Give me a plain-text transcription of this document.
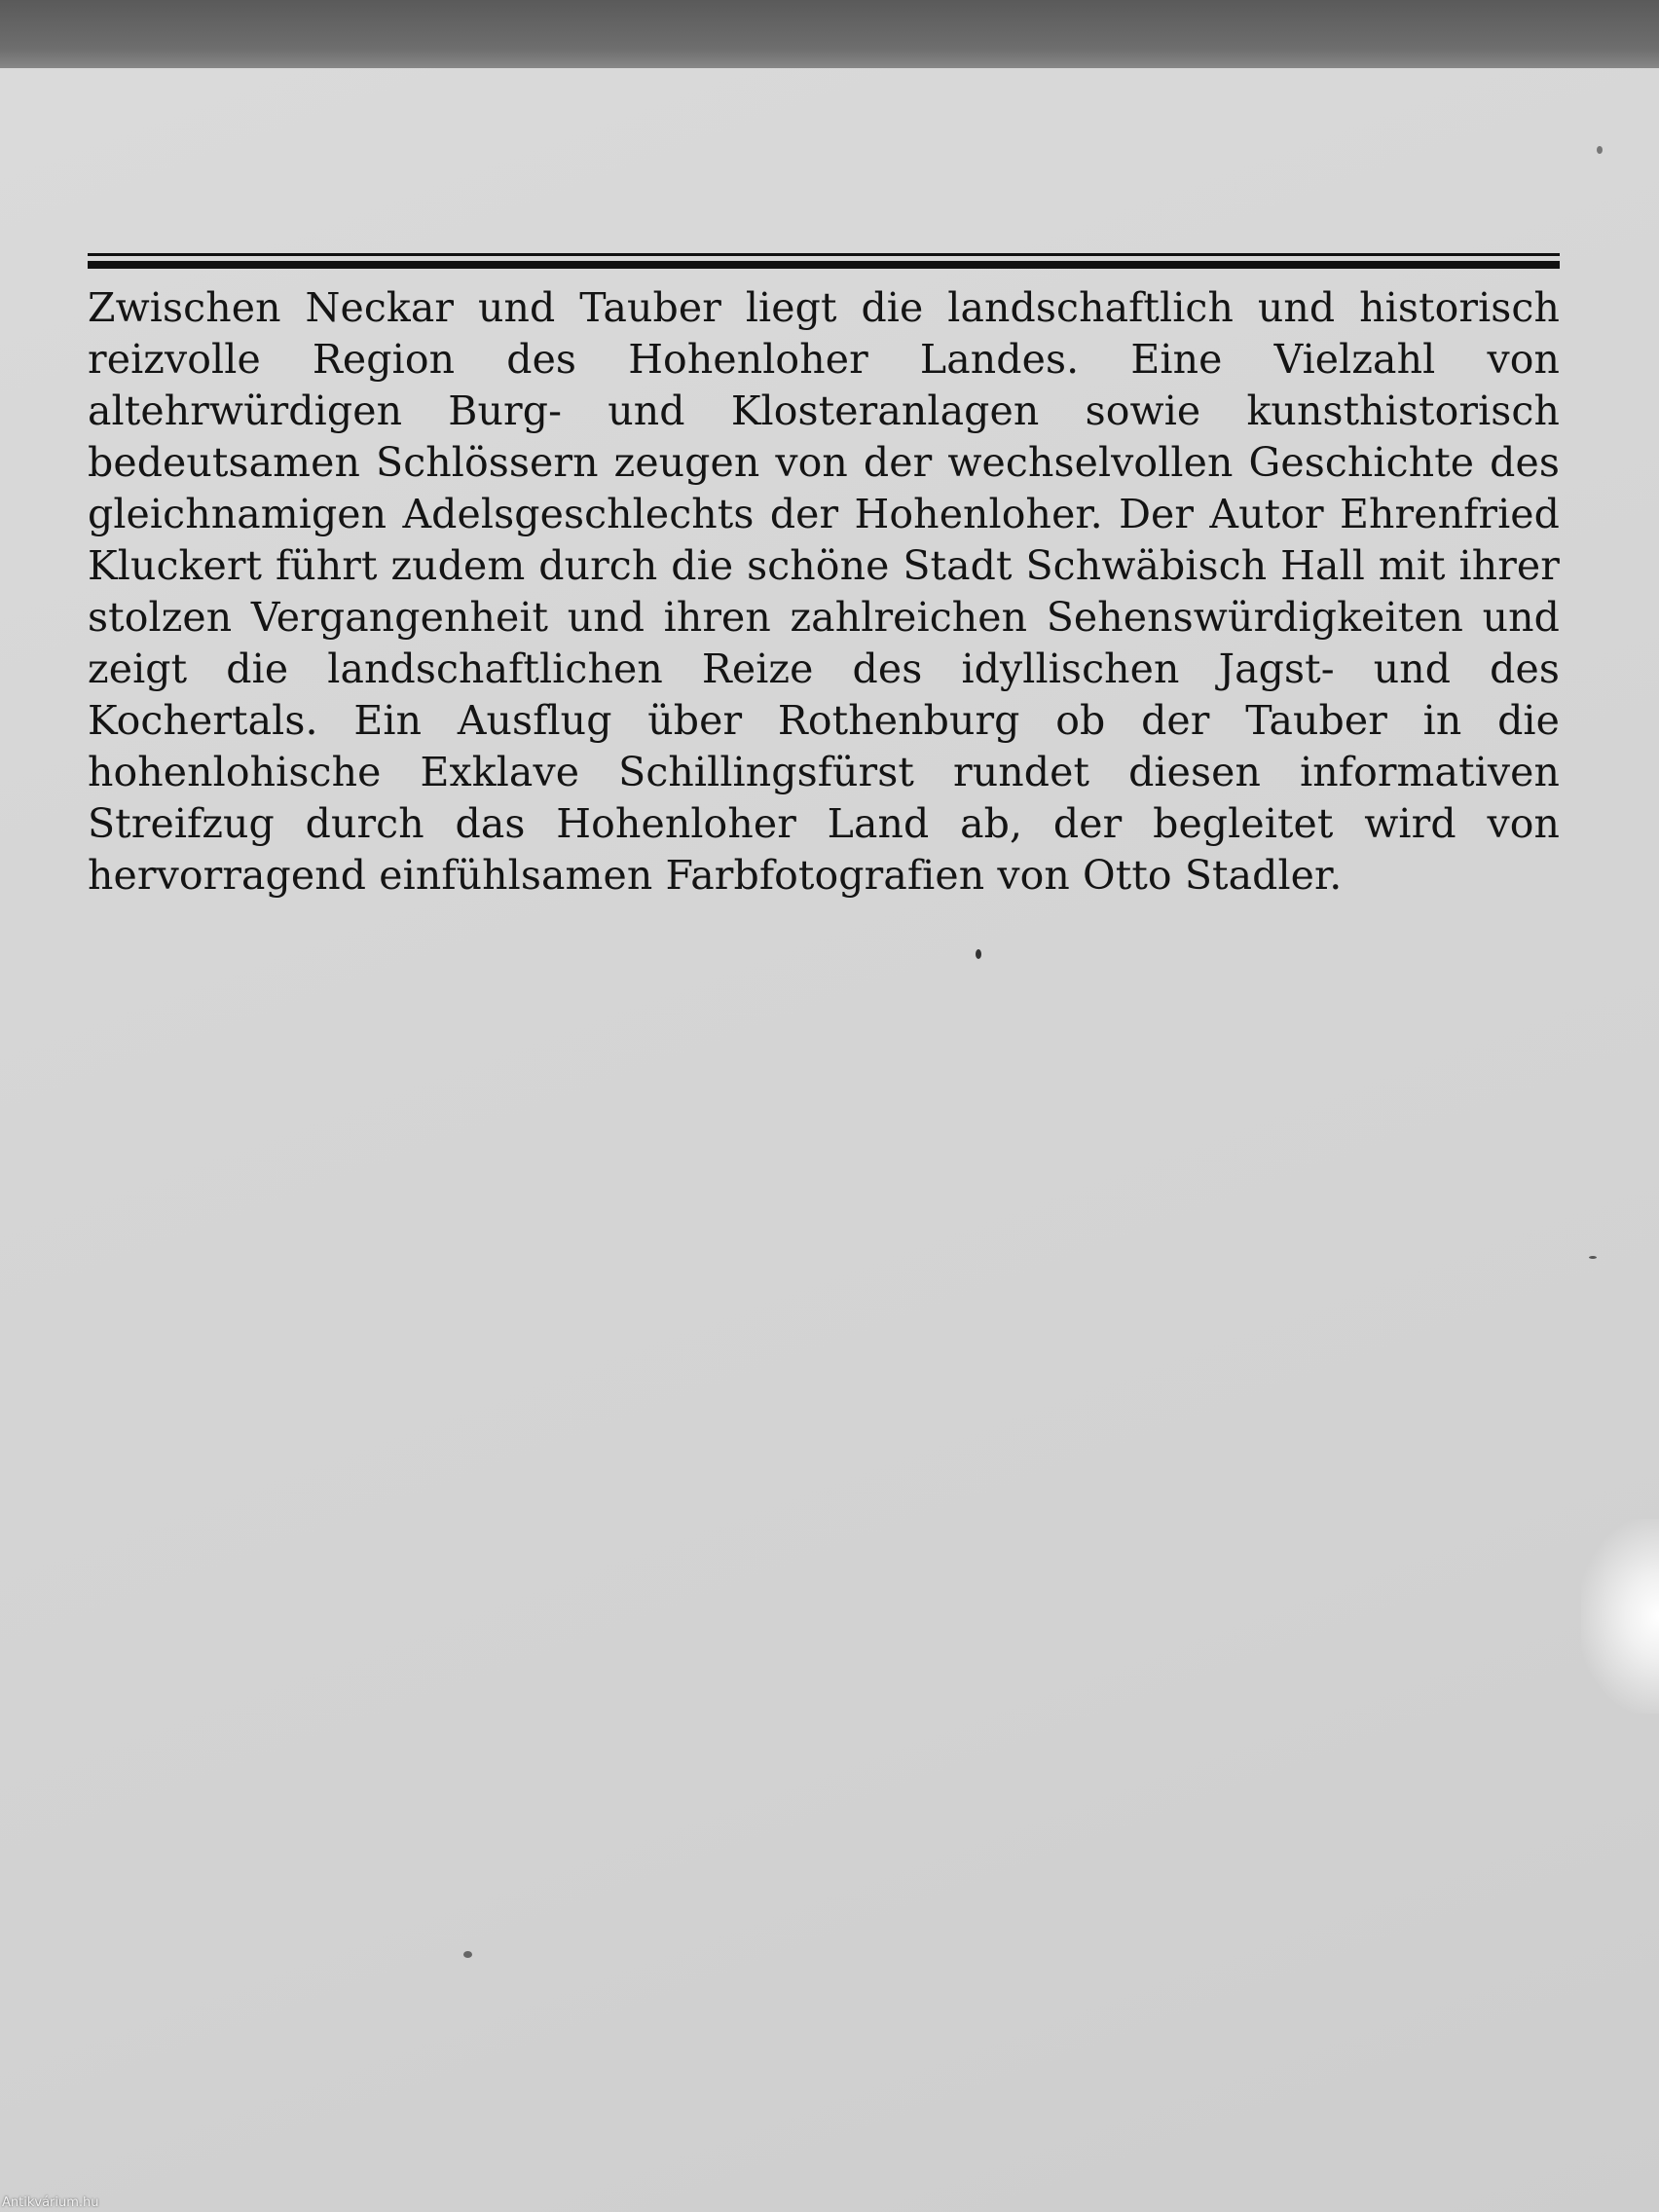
Zwischen Neckar und Tauber liegt die landschaftlich und historisch reizvolle Region des Hohenloher Landes. Eine Vielzahl von altehrwürdigen Burg- und Klosteranlagen sowie kunsthistorisch bedeutsamen Schlössern zeugen von der wechselvollen Geschichte des gleichnamigen Adelsgeschlechts der Hohenloher. Der Autor Ehrenfried Kluckert führt zudem durch die schöne Stadt Schwäbisch Hall mit ihrer stolzen Vergangenheit und ihren zahlreichen Sehenswürdigkeiten und zeigt die landschaftlichen Reize des idyllischen Jagst- und des Kochertals. Ein Ausflug über Rothenburg ob der Tauber in die hohenlohische Exklave Schillingsfürst rundet diesen informativen Streifzug durch das Hohenloher Land ab, der begleitet wird von hervorragend einfühlsamen Farbfotografien von Otto Stadler.

Antikvárium.hu
